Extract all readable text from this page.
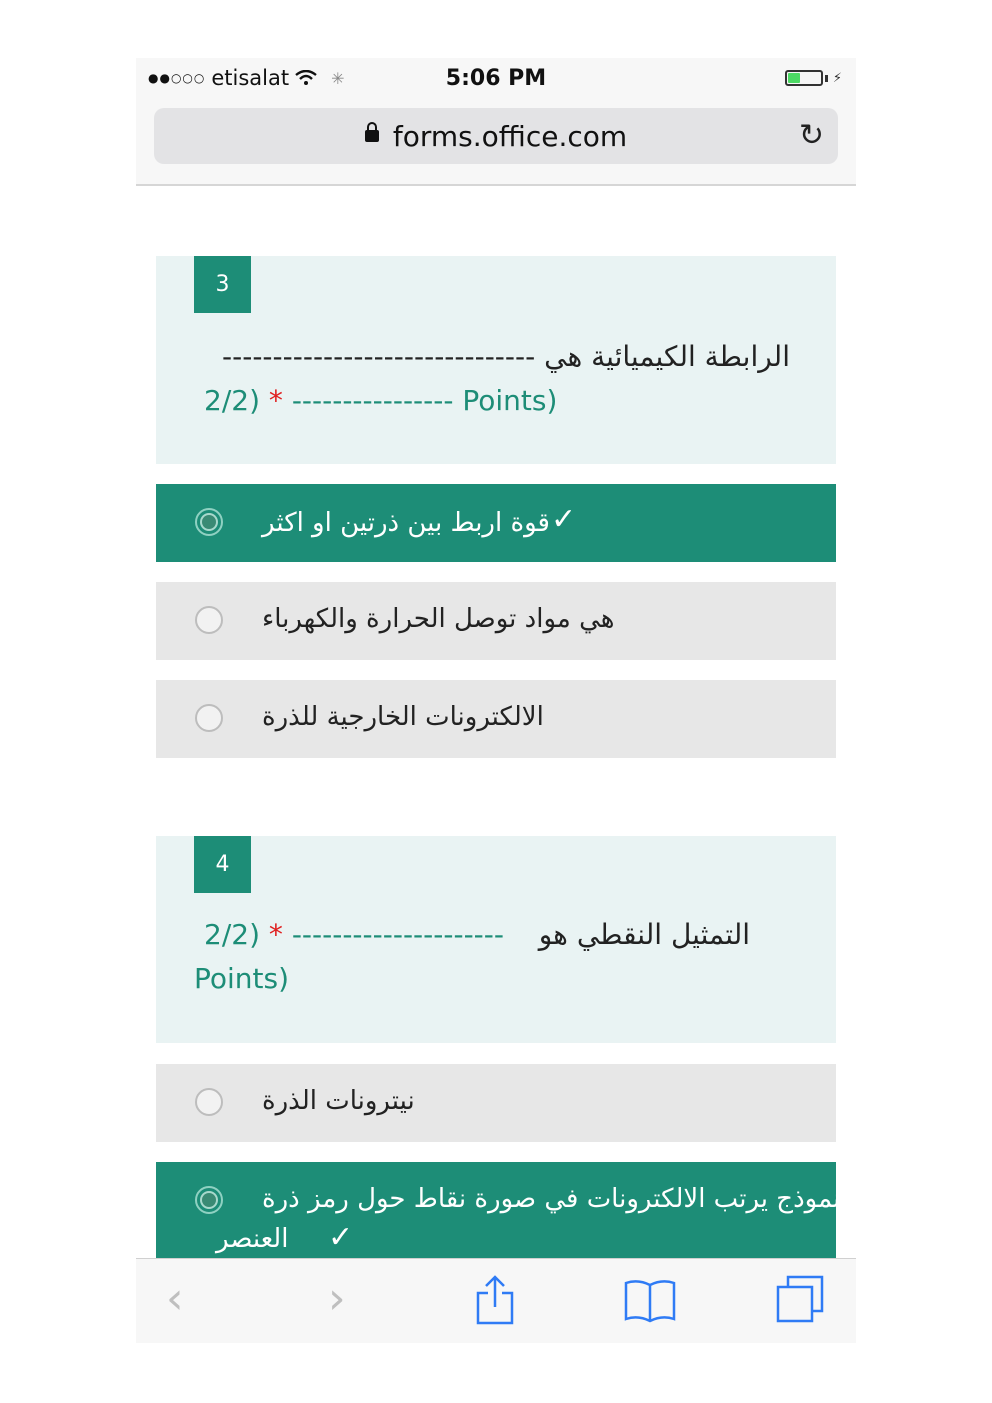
●●○○○ etisalat	✳	5:06 PM	⚡
forms.office.com	↻
3
الرابطة الكيميائية هي -------------------------------
2/2) * ---------------- Points)
✓
قوة اربط بين ذرتين او اكثر
هي مواد توصل الحرارة والكهرباء
الالكترونات الخارجية للذرة
4
التمثيل النقطي هو
2/2) * ---------------------
Points)
نيترونات الذرة
نموذج يرتب الالكترونات في صورة نقاط حول رمز ذرة
العنصر ✓
‹	›
